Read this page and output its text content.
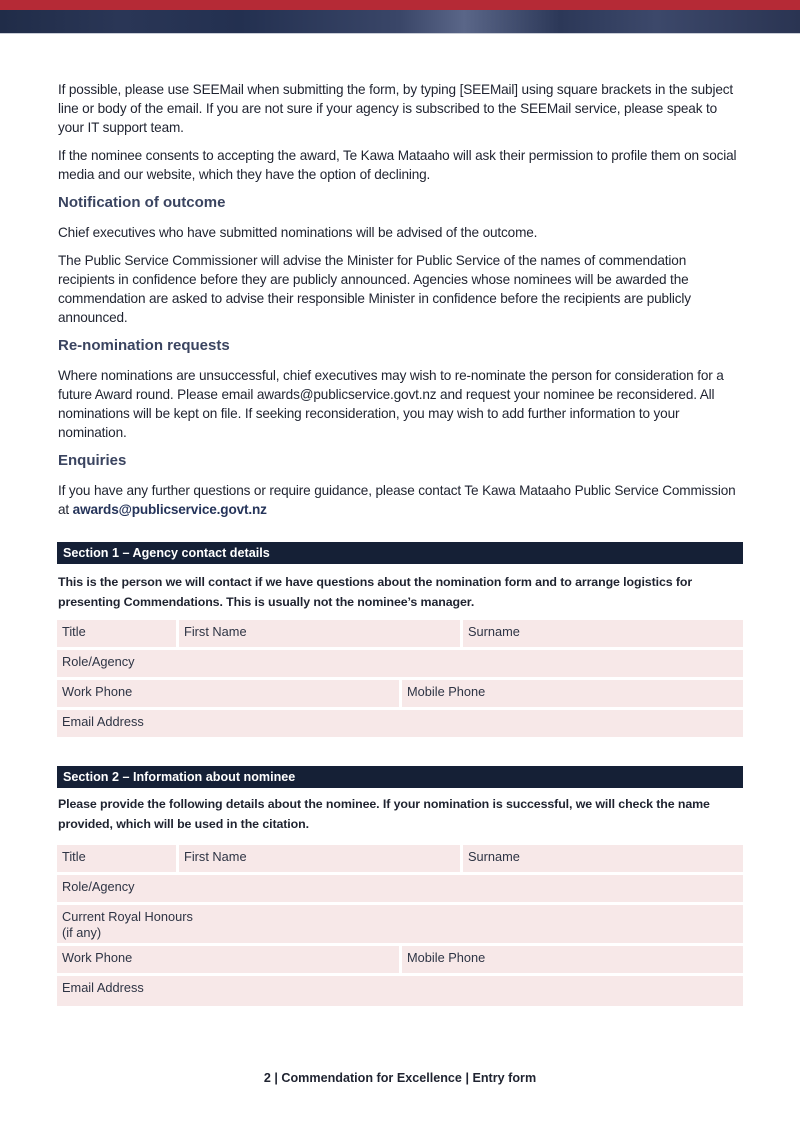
If possible, please use SEEMail when submitting the form, by typing [SEEMail] using square brackets in the subject line or body of the email. If you are not sure if your agency is subscribed to the SEEMail service, please speak to your IT support team.

If the nominee consents to accepting the award, Te Kawa Mataaho will ask their permission to profile them on social media and our website, which they have the option of declining.

Notification of outcome

Chief executives who have submitted nominations will be advised of the outcome.

The Public Service Commissioner will advise the Minister for Public Service of the names of commendation recipients in confidence before they are publicly announced. Agencies whose nominees will be awarded the commendation are asked to advise their responsible Minister in confidence before the recipients are publicly announced.

Re-nomination requests

Where nominations are unsuccessful, chief executives may wish to re-nominate the person for consideration for a future Award round. Please email awards@publicservice.govt.nz and request your nominee be reconsidered. All nominations will be kept on file. If seeking reconsideration, you may wish to add further information to your nomination.

Enquiries

If you have any further questions or require guidance, please contact Te Kawa Mataaho Public Service Commission at awards@publicservice.govt.nz

Section 1 – Agency contact details

This is the person we will contact if we have questions about the nomination form and to arrange logistics for presenting Commendations. This is usually not the nominee’s manager.

Title	First Name	Surname
Role/Agency
Work Phone	Mobile Phone
Email Address
Section 2 – Information about nominee

Please provide the following details about the nominee. If your nomination is successful, we will check the name provided, which will be used in the citation.

Title	First Name	Surname
Role/Agency
Current Royal Honours
(if any)
Work Phone	Mobile Phone
Email Address
2 | Commendation for Excellence | Entry form
